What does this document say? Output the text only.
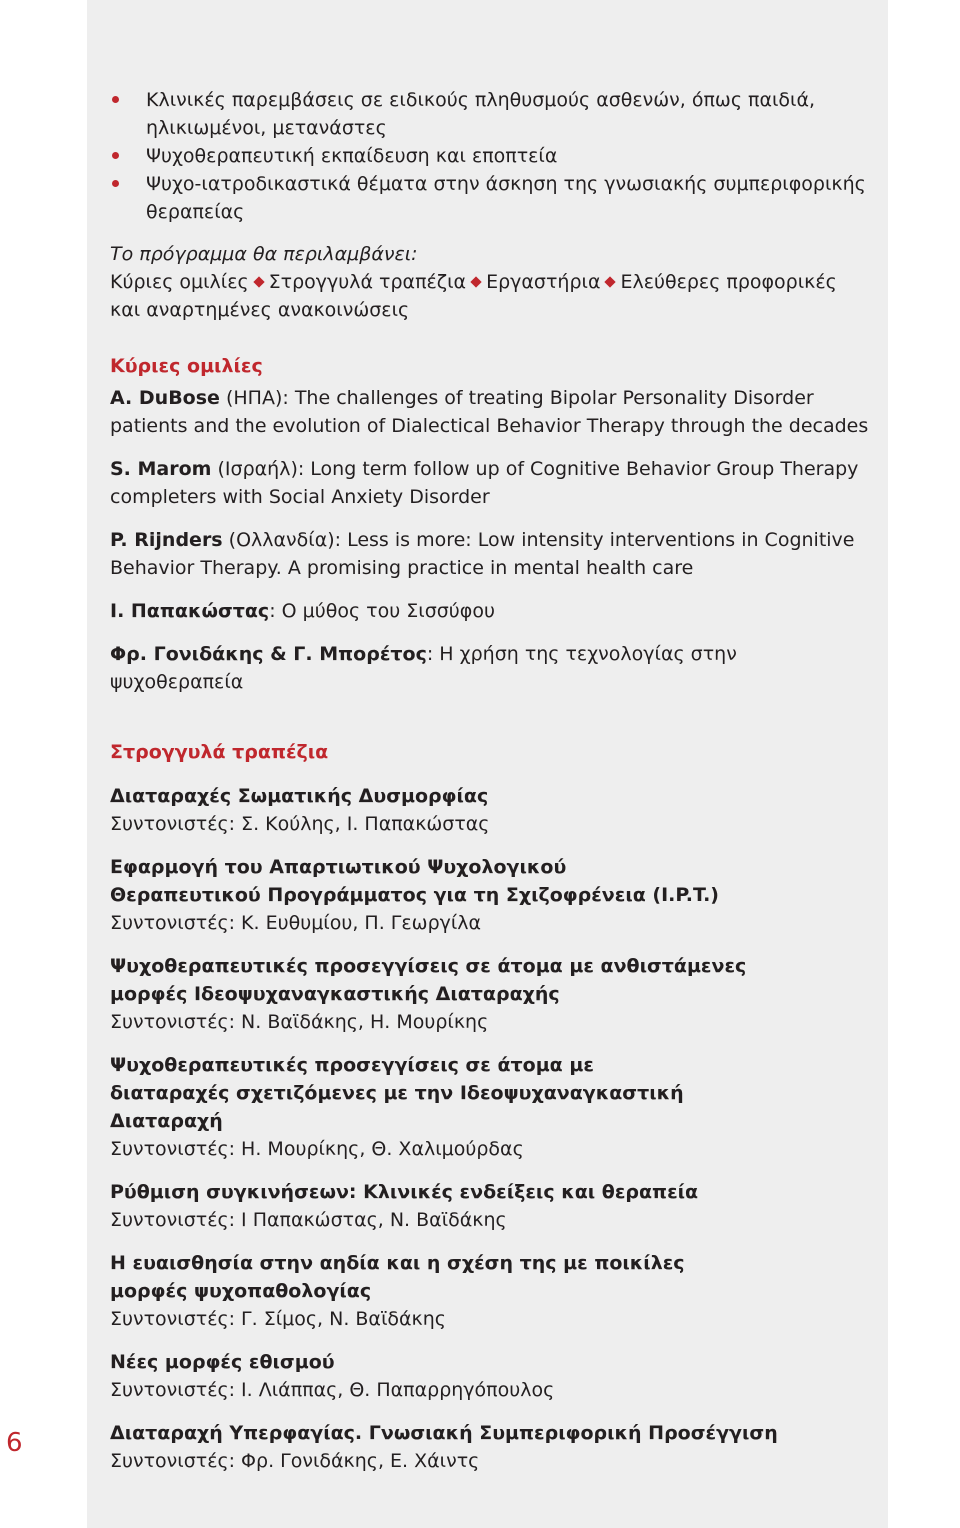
Κλινικές παρεμβάσεις σε ειδικούς πληθυσμούς ασθενών, όπως παιδιά, ηλικιωμένοι, μετανάστες
Ψυχοθεραπευτική εκπαίδευση και εποπτεία
Ψυχο-ιατροδικαστικά θέματα στην άσκηση της γνωσιακής συμπεριφορικής θεραπείας
Το πρόγραμμα θα περιλαμβάνει:
Κύριες ομιλίες Στρογγυλά τραπέζια Εργαστήρια Ελεύθερες προφορικές
και αναρτημένες ανακοινώσεις
Κύριες ομιλίες
A. DuBose (ΗΠΑ): The challenges of treating Bipolar Personality Disorder patients and the evolution of Dialectical Behavior Therapy through the decades
S. Marom (Ισραήλ): Long term follow up of Cognitive Behavior Group Therapy completers with Social Anxiety Disorder
P. Rijnders (Ολλανδία): Less is more: Low intensity interventions in Cognitive Behavior Therapy. A promising practice in mental health care
Ι. Παπακώστας: Ο μύθος του Σισσύφου
Φρ. Γονιδάκης & Γ. Μπορέτος: Η χρήση της τεχνολογίας στην ψυχοθεραπεία
Στρογγυλά τραπέζια
Διαταραχές Σωματικής Δυσμορφίας
Συντονιστές: Σ. Κούλης, Ι. Παπακώστας
Εφαρμογή του Απαρτιωτικού Ψυχολογικού Θεραπευτικού Προγράμματος για τη Σχιζοφρένεια (I.P.T.)
Συντονιστές: Κ. Ευθυμίου, Π. Γεωργίλα
Ψυχοθεραπευτικές προσεγγίσεις σε άτομα με ανθιστάμενες μορφές Ιδεοψυχαναγκαστικής Διαταραχής
Συντονιστές: Ν. Βαϊδάκης, Η. Μουρίκης
Ψυχοθεραπευτικές προσεγγίσεις σε άτομα με διαταραχές σχετιζόμενες με την Ιδεοψυχαναγκαστική Διαταραχή
Συντονιστές: Η. Μουρίκης, Θ. Χαλιμούρδας
Ρύθμιση συγκινήσεων: Κλινικές ενδείξεις και θεραπεία
Συντονιστές: Ι Παπακώστας, Ν. Βαϊδάκης
Η ευαισθησία στην αηδία και η σχέση της με ποικίλες μορφές ψυχοπαθολογίας
Συντονιστές: Γ. Σίμος, Ν. Βαϊδάκης
Νέες μορφές εθισμού
Συντονιστές: Ι. Λιάππας, Θ. Παπαρρηγόπουλος
Διαταραχή Υπερφαγίας. Γνωσιακή Συμπεριφορική Προσέγγιση
Συντονιστές: Φρ. Γονιδάκης, Ε. Χάιντς
6
